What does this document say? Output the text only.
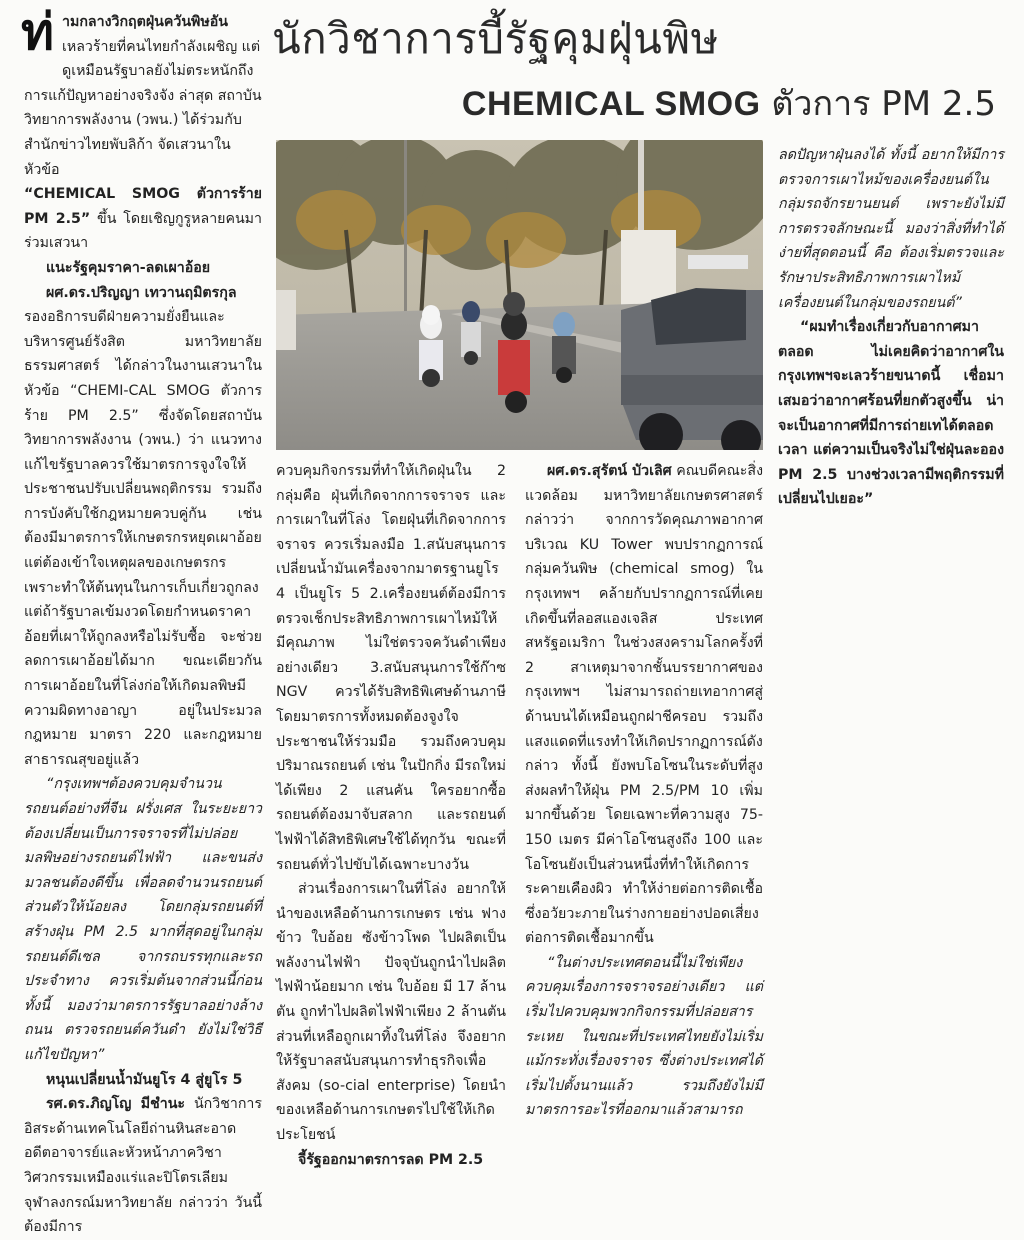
นักวิชาการบี้รัฐคุมฝุ่นพิษ
CHEMICAL SMOG ตัวการ PM 2.5
ท่ ามกลางวิกฤตฝุ่นควันพิษอัน

เหลวร้ายที่คนไทยกำลังเผชิญ แต่

ดูเหมือนรัฐบาลยังไม่ตระหนักถึง

การแก้ปัญหาอย่างจริงจัง ล่าสุด สถาบัน

วิทยาการพลังงาน (วพน.) ได้ร่วมกับ

สำนักข่าวไทยพับลิก้า จัดเสวนาในหัวข้อ

“CHEMICAL SMOG ตัวการร้าย PM 2.5” ขึ้น โดยเชิญกูรูหลายคนมาร่วมเสวนา

แนะรัฐคุมราคา-ลดเผาอ้อย

ผศ.ดร.ปริญญา เทวานฤมิตรกุล

รองอธิการบดีฝ่ายความยั่งยืนและบริหารศูนย์รังสิต มหาวิทยาลัยธรรมศาสตร์ ได้กล่าวในงานเสวนาในหัวข้อ “CHEMI-CAL SMOG ตัวการร้าย PM 2.5” ซึ่งจัดโดยสถาบันวิทยาการพลังงาน (วพน.) ว่า แนวทางแก้ไขรัฐบาลควรใช้มาตรการจูงใจให้ประชาชนปรับเปลี่ยนพฤติกรรม รวมถึงการบังคับใช้กฎหมายควบคู่กัน เช่น ต้องมีมาตรการให้เกษตรกรหยุดเผาอ้อย แต่ต้องเข้าใจเหตุผลของเกษตรกร เพราะทำให้ต้นทุนในการเก็บเกี่ยวถูกลง แต่ถ้ารัฐบาลเข้มงวดโดยกำหนดราคาอ้อยที่เผาให้ถูกลงหรือไม่รับซื้อ จะช่วยลดการเผาอ้อยได้มาก ขณะเดียวกันการเผาอ้อยในที่โล่งก่อให้เกิดมลพิษมีความผิดทางอาญา อยู่ในประมวลกฎหมาย มาตรา 220 และกฎหมายสาธารณสุขอยู่แล้ว

“กรุงเทพฯต้องควบคุมจำนวนรถยนต์อย่างที่จีน ฝรั่งเศส ในระยะยาวต้องเปลี่ยนเป็นการจราจรที่ไม่ปล่อยมลพิษอย่างรถยนต์ไฟฟ้า และขนส่งมวลชนต้องดีขึ้น เพื่อลดจำนวนรถยนต์ส่วนตัวให้น้อยลง โดยกลุ่มรถยนต์ที่สร้างฝุ่น PM 2.5 มากที่สุดอยู่ในกลุ่มรถยนต์ดีเซล จากรถบรรทุกและรถประจำทาง ควรเริ่มต้นจากส่วนนี้ก่อน ทั้งนี้ มองว่ามาตรการรัฐบาลอย่างล้างถนน ตรวจรถยนต์ควันดำ ยังไม่ใช่วิธีแก้ไขปัญหา”

หนุนเปลี่ยนน้ำมันยูโร 4 สู่ยูโร 5

รศ.ดร.ภิญโญ มีชำนะ นักวิชาการอิสระด้านเทคโนโลยีถ่านหินสะอาด อดีตอาจารย์และหัวหน้าภาควิชาวิศวกรรมเหมืองแร่และปิโตรเลียม จุฬาลงกรณ์มหาวิทยาลัย กล่าวว่า วันนี้ต้องมีการ

ควบคุมกิจกรรมที่ทำให้เกิดฝุ่นใน 2 กลุ่มคือ ฝุ่นที่เกิดจากการจราจร และการเผาในที่โล่ง โดยฝุ่นที่เกิดจากการจราจร ควรเริ่มลงมือ 1.สนับสนุนการเปลี่ยนน้ำมันเครื่องจากมาตรฐานยูโร 4 เป็นยูโร 5 2.เครื่องยนต์ต้องมีการตรวจเช็กประสิทธิภาพการเผาไหม้ให้มีคุณภาพ ไม่ใช่ตรวจควันดำเพียงอย่างเดียว 3.สนับสนุนการใช้ก๊าซ NGV ควรได้รับสิทธิพิเศษด้านภาษี โดยมาตรการทั้งหมดต้องจูงใจประชาชนให้ร่วมมือ รวมถึงควบคุมปริมาณรถยนต์ เช่น ในปักกิ่ง มีรถใหม่ได้เพียง 2 แสนคัน ใครอยากซื้อรถยนต์ต้องมาจับสลาก และรถยนต์ไฟฟ้าได้สิทธิพิเศษใช้ได้ทุกวัน ขณะที่รถยนต์ทั่วไปขับได้เฉพาะบางวัน

ส่วนเรื่องการเผาในที่โล่ง อยากให้นำของเหลือด้านการเกษตร เช่น ฟางข้าว ใบอ้อย ซังข้าวโพด ไปผลิตเป็นพลังงานไฟฟ้า ปัจจุบันถูกนำไปผลิตไฟฟ้าน้อยมาก เช่น ใบอ้อย มี 17 ล้านตัน ถูกทำไปผลิตไฟฟ้าเพียง 2 ล้านตัน ส่วนที่เหลือถูกเผาทิ้งในที่โล่ง จึงอยากให้รัฐบาลสนับสนุนการทำธุรกิจเพื่อสังคม (so-cial enterprise) โดยนำของเหลือด้านการเกษตรไปใช้ให้เกิดประโยชน์

จี้รัฐออกมาตรการลด PM 2.5

ผศ.ดร.สุรัตน์ บัวเลิศ คณบดีคณะสิ่งแวดล้อม มหาวิทยาลัยเกษตรศาสตร์ กล่าวว่า จากการวัดคุณภาพอากาศบริเวณ KU Tower พบปรากฏการณ์กลุ่มควันพิษ (chemical smog) ในกรุงเทพฯ คล้ายกับปรากฏการณ์ที่เคยเกิดขึ้นที่ลอสแองเจลิส ประเทศสหรัฐอเมริกา ในช่วงสงครามโลกครั้งที่ 2 สาเหตุมาจากชั้นบรรยากาศของกรุงเทพฯ ไม่สามารถถ่ายเทอากาศสู่ด้านบนได้เหมือนถูกฝาชีครอบ รวมถึงแสงแดดที่แรงทำให้เกิดปรากฏการณ์ดังกล่าว ทั้งนี้ ยังพบโอโซนในระดับที่สูง ส่งผลทำให้ฝุ่น PM 2.5/PM 10 เพิ่มมากขึ้นด้วย โดยเฉพาะที่ความสูง 75-150 เมตร มีค่าโอโซนสูงถึง 100 และโอโซนยังเป็นส่วนหนึ่งที่ทำให้เกิดการระคายเคืองผิว ทำให้ง่ายต่อการติดเชื้อ ซึ่งอวัยวะภายในร่างกายอย่างปอดเสี่ยงต่อการติดเชื้อมากขึ้น

“ในต่างประเทศตอนนี้ไม่ใช่เพียงควบคุมเรื่องการจราจรอย่างเดียว แต่เริ่มไปควบคุมพวกกิจกรรมที่ปล่อยสารระเหย ในขณะที่ประเทศไทยยังไม่เริ่มแม้กระทั่งเรื่องจราจร ซึ่งต่างประเทศได้เริ่มไปตั้งนานแล้ว รวมถึงยังไม่มีมาตรการอะไรที่ออกมาแล้วสามารถ

ลดปัญหาฝุ่นลงได้ ทั้งนี้ อยากให้มีการตรวจการเผาไหม้ของเครื่องยนต์ในกลุ่มรถจักรยานยนต์ เพราะยังไม่มีการตรวจลักษณะนี้ มองว่าสิ่งที่ทำได้ง่ายที่สุดตอนนี้ คือ ต้องเริ่มตรวจและรักษาประสิทธิภาพการเผาไหม้เครื่องยนต์ในกลุ่มของรถยนต์”

“ผมทำเรื่องเกี่ยวกับอากาศมาตลอด ไม่เคยคิดว่าอากาศในกรุงเทพฯจะเลวร้ายขนาดนี้ เชื่อมาเสมอว่าอากาศร้อนที่ยกตัวสูงขึ้น น่าจะเป็นอากาศที่มีการถ่ายเทได้ตลอดเวลา แต่ความเป็นจริงไม่ใช่ฝุ่นละออง PM 2.5 บางช่วงเวลามีพฤติกรรมที่เปลี่ยนไปเยอะ”
